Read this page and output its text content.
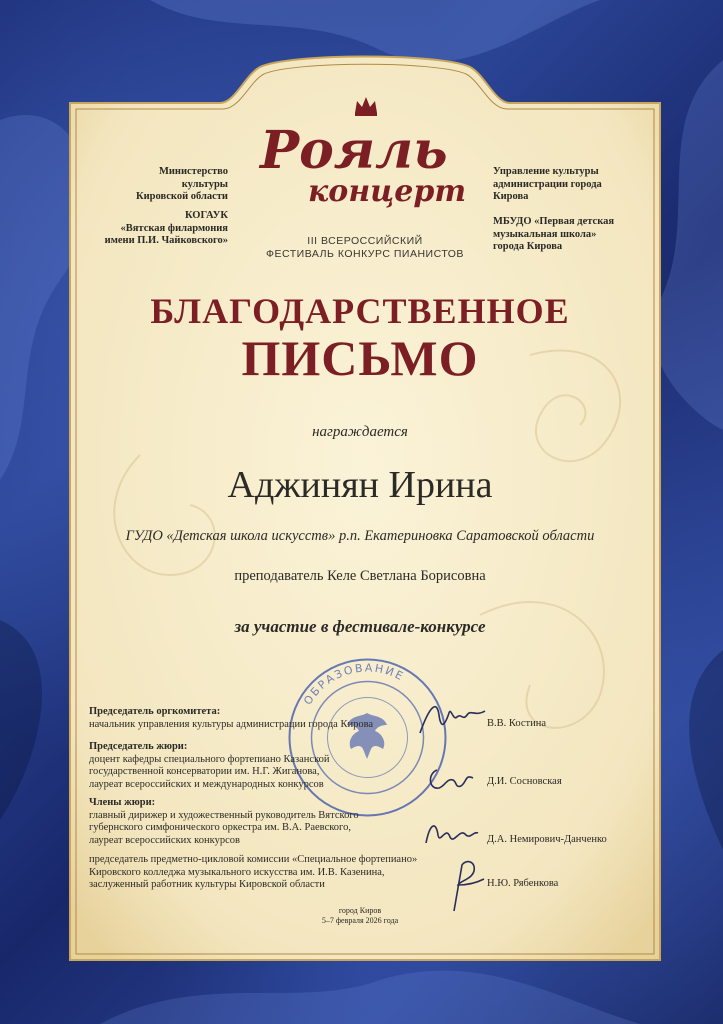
Министерство
культуры
Кировской области
КОГАУК
«Вятская филармония
имени П.И. Чайковского»
Управление культуры
администрации города
Кирова
МБУДО «Первая детская
музыкальная школа»
города Кирова
Рояль
концерт
III ВСЕРОССИЙСКИЙ
ФЕСТИВАЛЬ КОНКУРС ПИАНИСТОВ
БЛАГОДАРСТВЕННОЕ
ПИСЬМО
награждается
Аджинян Ирина
ГУДО «Детская школа искусств» р.п. Екатериновка Саратовской области
преподаватель Келе Светлана Борисовна
за участие в фестивале-конкурсе
ОБРАЗОВАНИЕ
Председатель оргкомитета:
начальник управления культуры администрации города Кирова	В.В. Костина
Председатель жюри:
доцент кафедры специального фортепиано Казанской
государственной консерватории им. Н.Г. Жиганова,
лауреат всероссийских и международных конкурсов	Д.И. Сосновская
Члены жюри:
главный дирижер и художественный руководитель Вятского
губернского симфонического оркестра им. В.А. Раевского,
лауреат всероссийских конкурсов	Д.А. Немирович-Данченко
председатель предметно-цикловой комиссии «Специальное фортепиано»
Кировского колледжа музыкального искусства им. И.В. Казенина,
заслуженный работник культуры Кировской области	Н.Ю. Рябенкова
город Киров
5–7 февраля 2026 года
